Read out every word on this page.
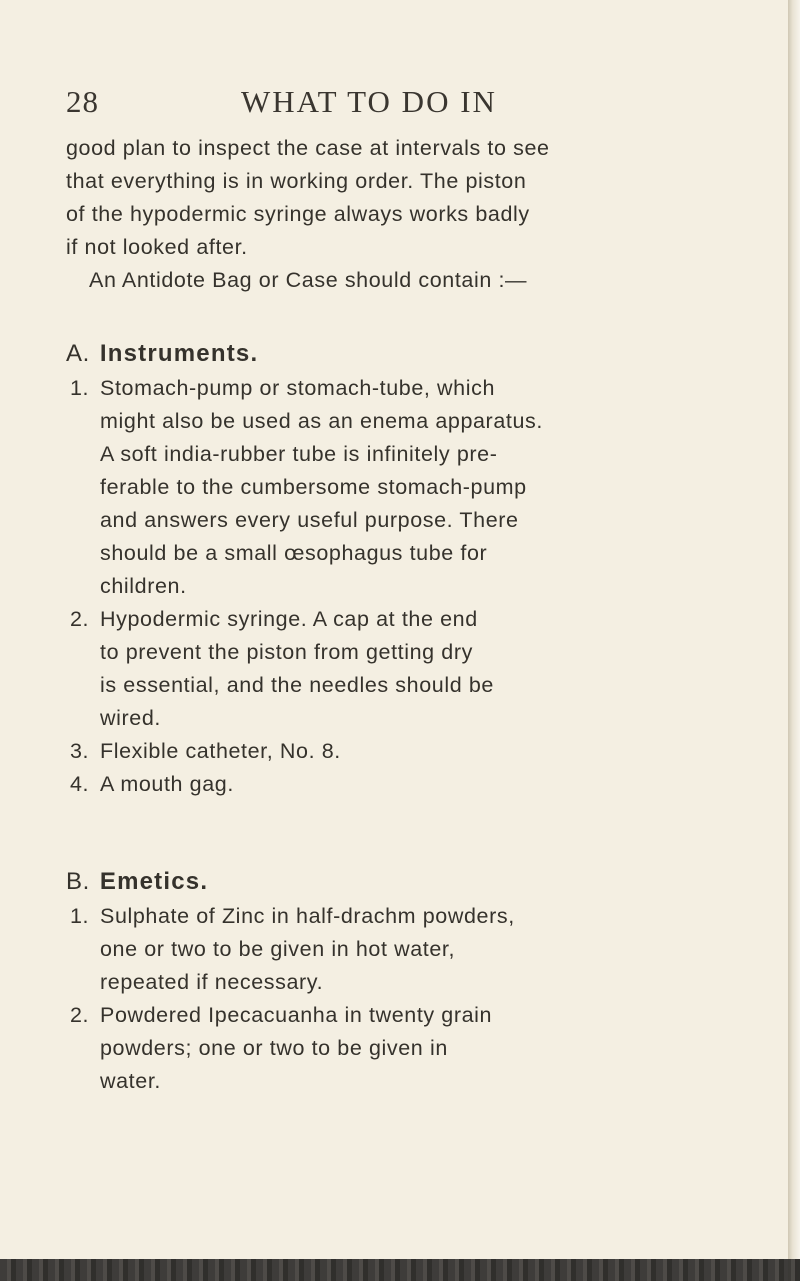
28	WHAT TO DO IN
good plan to inspect the case at intervals to see
that everything is in working order. The piston
of the hypodermic syringe always works badly
if not looked after.
An Antidote Bag or Case should contain :—
A. Instruments.
1. Stomach-pump or stomach-tube, which
might also be used as an enema apparatus.
A soft india-rubber tube is infinitely pre-
ferable to the cumbersome stomach-pump
and answers every useful purpose. There
should be a small œsophagus tube for
children.
2. Hypodermic syringe. A cap at the end
to prevent the piston from getting dry
is essential, and the needles should be
wired.
3. Flexible catheter, No. 8.
4. A mouth gag.
B. Emetics.
1. Sulphate of Zinc in half-drachm powders,
one or two to be given in hot water,
repeated if necessary.
2. Powdered Ipecacuanha in twenty grain
powders; one or two to be given in
water.
